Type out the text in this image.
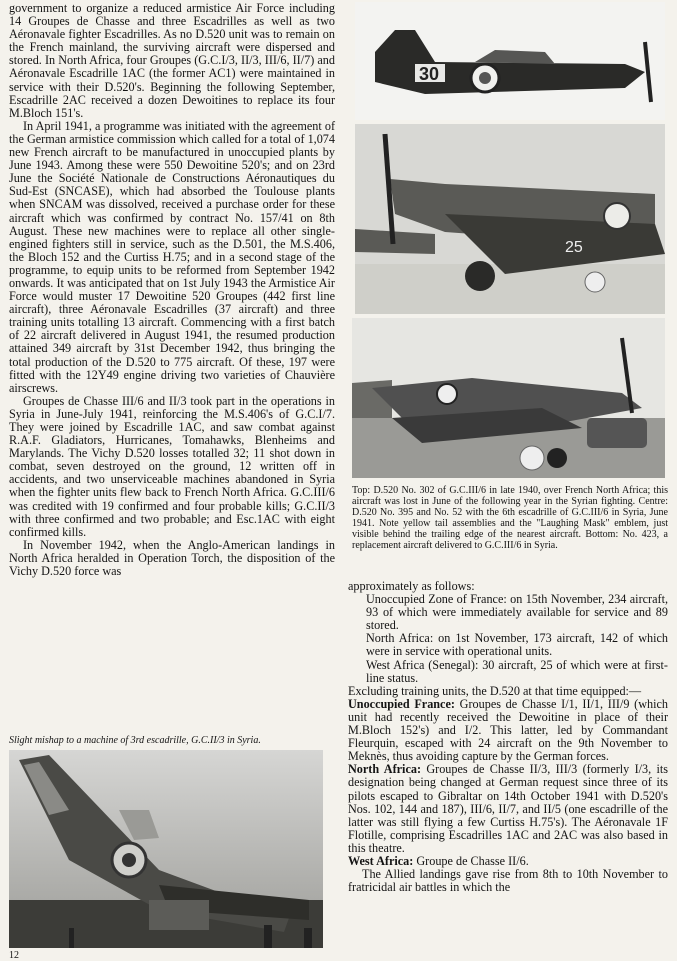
government to organize a reduced armistice Air Force including 14 Groupes de Chasse and three Escadrilles as well as two Aéronavale fighter Escadrilles. As no D.520 unit was to remain on the French mainland, the surviving aircraft were dispersed and stored. In North Africa, four Groupes (G.C.I/3, II/3, III/6, II/7) and Aéronavale Escadrille 1AC (the former AC1) were maintained in service with their D.520's. Beginning the following September, Escadrille 2AC received a dozen Dewoitines to replace its four M.Bloch 151's.

In April 1941, a programme was initiated with the agreement of the German armistice commission which called for a total of 1,074 new French aircraft to be manufactured in unoccupied plants by June 1943. Among these were 550 Dewoitine 520's; and on 23rd June the Société Nationale de Constructions Aéronautiques du Sud-Est (SNCASE), which had absorbed the Toulouse plants when SNCAM was dissolved, received a purchase order for these aircraft which was confirmed by contract No. 157/41 on 8th August. These new machines were to replace all other single-engined fighters still in service, such as the D.501, the M.S.406, the Bloch 152 and the Curtiss H.75; and in a second stage of the programme, to equip units to be reformed from September 1942 onwards. It was anticipated that on 1st July 1943 the Armistice Air Force would muster 17 Dewoitine 520 Groupes (442 first line aircraft), three Aéronavale Escadrilles (37 aircraft) and three training units totalling 13 aircraft. Commencing with a first batch of 22 aircraft delivered in August 1941, the resumed production attained 349 aircraft by 31st December 1942, thus bringing the total production of the D.520 to 775 aircraft. Of these, 197 were fitted with the 12Y49 engine driving two varieties of Chauvière airscrews.

Groupes de Chasse III/6 and II/3 took part in the operations in Syria in June-July 1941, reinforcing the M.S.406's of G.C.I/7. They were joined by Escadrille 1AC, and saw combat against R.A.F. Gladiators, Hurricanes, Tomahawks, Blenheims and Marylands. The Vichy D.520 losses totalled 32; 11 shot down in combat, seven destroyed on the ground, 12 written off in accidents, and two unserviceable machines abandoned in Syria when the fighter units flew back to French North Africa. G.C.III/6 was credited with 19 confirmed and four probable kills; G.C.II/3 with three confirmed and two probable; and Esc.1AC with eight confirmed kills.

In November 1942, when the Anglo-American landings in North Africa heralded in Operation Torch, the disposition of the Vichy D.520 force was

Slight mishap to a machine of 3rd escadrille, G.C.II/3 in Syria.
30
25
Top: D.520 No. 302 of G.C.III/6 in late 1940, over French North Africa; this aircraft was lost in June of the following year in the Syrian fighting. Centre: D.520 No. 395 and No. 52 with the 6th escadrille of G.C.III/6 in Syria, June 1941. Note yellow tail assemblies and the "Laughing Mask" emblem, just visible behind the trailing edge of the nearest aircraft. Bottom: No. 423, a replacement aircraft delivered to G.C.III/6 in Syria.

approximately as follows:

Unoccupied Zone of France: on 15th November, 234 aircraft, 93 of which were immediately available for service and 89 stored.

North Africa: on 1st November, 173 aircraft, 142 of which were in service with operational units.

West Africa (Senegal): 30 aircraft, 25 of which were at first-line status.

Excluding training units, the D.520 at that time equipped:—

Unoccupied France: Groupes de Chasse I/1, II/1, III/9 (which unit had recently received the Dewoitine in place of their M.Bloch 152's) and I/2. This latter, led by Commandant Fleurquin, escaped with 24 aircraft on the 9th November to Meknès, thus avoiding capture by the German forces.

North Africa: Groupes de Chasse II/3, III/3 (formerly I/3, its designation being changed at German request since three of its pilots escaped to Gibraltar on 14th October 1941 with D.520's Nos. 102, 144 and 187), III/6, II/7, and II/5 (one escadrille of the latter was still flying a few Curtiss H.75's). The Aéronavale 1F Flotille, comprising Escadrilles 1AC and 2AC was also based in this theatre.

West Africa: Groupe de Chasse II/6.

The Allied landings gave rise from 8th to 10th November to fratricidal air battles in which the

12
